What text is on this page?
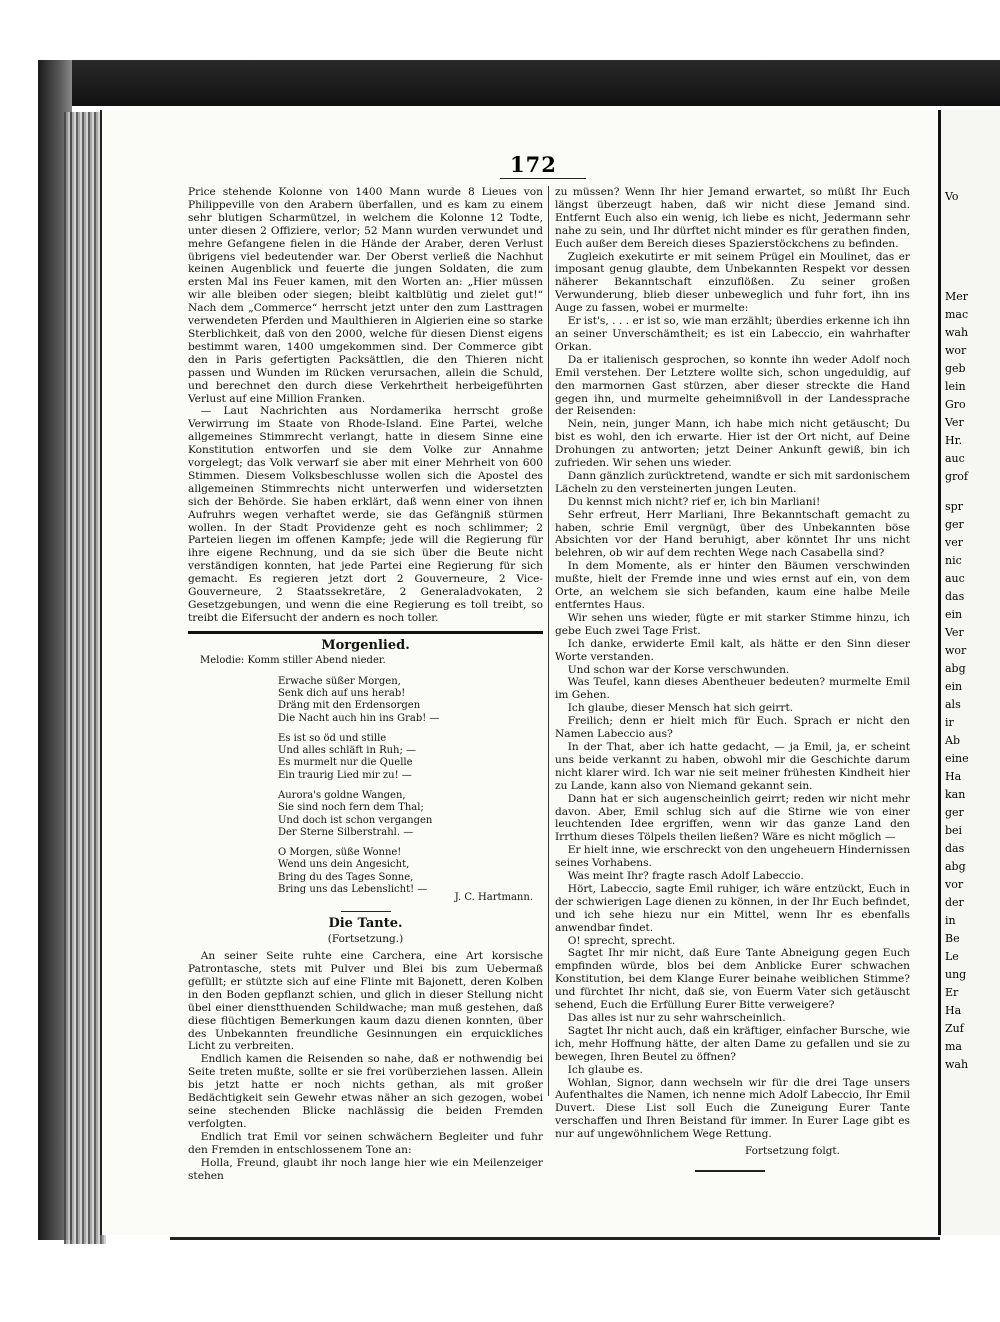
Vo
Mer
mac
wah
wor
geb
lein
Gro
Ver
Hr.
auc
grof
spr
ger
ver
nic
auc
das
ein
Ver
wor
abg
ein
als
ir
Ab
eine
Ha
kan
ger
bei
das
abg
vor
der
in
Be
Le
ung
Er
Ha
Zuf
ma
wah
172

Price stehende Kolonne von 1400 Mann wurde 8 Lieues von Philippeville von den Arabern überfallen, und es kam zu einem sehr blutigen Scharmützel, in welchem die Kolonne 12 Todte, unter diesen 2 Offiziere, verlor; 52 Mann wurden verwundet und mehre Gefangene fielen in die Hände der Araber, deren Verlust übrigens viel bedeutender war. Der Oberst verließ die Nachhut keinen Augenblick und feuerte die jungen Soldaten, die zum ersten Mal ins Feuer kamen, mit den Worten an: „Hier müssen wir alle bleiben oder siegen; bleibt kaltblütig und zielet gut!“ Nach dem „Commerce“ herrscht jetzt unter den zum Lasttragen verwendeten Pferden und Maulthieren in Algierien eine so starke Sterblichkeit, daß von den 2000, welche für diesen Dienst eigens bestimmt waren, 1400 umgekommen sind. Der Commerce gibt den in Paris gefertigten Packsättlen, die den Thieren nicht passen und Wunden im Rücken verursachen, allein die Schuld, und berechnet den durch diese Verkehrtheit herbeigeführten Verlust auf eine Million Franken.

— Laut Nachrichten aus Nordamerika herrscht große Verwirrung im Staate von Rhode-Island. Eine Partei, welche allgemeines Stimmrecht verlangt, hatte in diesem Sinne eine Konstitution entworfen und sie dem Volke zur Annahme vorgelegt; das Volk verwarf sie aber mit einer Mehrheit von 600 Stimmen. Diesem Volksbeschlusse wollen sich die Apostel des allgemeinen Stimmrechts nicht unterwerfen und widersetzten sich der Behörde. Sie haben erklärt, daß wenn einer von ihnen Aufruhrs wegen verhaftet werde, sie das Gefängniß stürmen wollen. In der Stadt Providenze geht es noch schlimmer; 2 Parteien liegen im offenen Kampfe; jede will die Regierung für ihre eigene Rechnung, und da sie sich über die Beute nicht verständigen konnten, hat jede Partei eine Regierung für sich gemacht. Es regieren jetzt dort 2 Gouverneure, 2 Vice-Gouverneure, 2 Staatssekretäre, 2 Generaladvokaten, 2 Gesetzgebungen, und wenn die eine Regierung es toll treibt, so treibt die Eifersucht der andern es noch toller.

Morgenlied.
Melodie: Komm stiller Abend nieder.
Erwache süßer Morgen,
Senk dich auf uns herab!
Dräng mit den Erdensorgen
Die Nacht auch hin ins Grab! —
Es ist so öd und stille
Und alles schläft in Ruh; —
Es murmelt nur die Quelle
Ein traurig Lied mir zu! —
Aurora's goldne Wangen,
Sie sind noch fern dem Thal;
Und doch ist schon vergangen
Der Sterne Silberstrahl. —
O Morgen, süße Wonne!
Wend uns dein Angesicht,
Bring du des Tages Sonne,
Bring uns das Lebenslicht! —
J. C. Hartmann.
Die Tante.
(Fortsetzung.)

An seiner Seite ruhte eine Carchera, eine Art korsische Patrontasche, stets mit Pulver und Blei bis zum Uebermaß gefüllt; er stützte sich auf eine Flinte mit Bajonett, deren Kolben in den Boden gepflanzt schien, und glich in dieser Stellung nicht übel einer dienstthuenden Schildwache; man muß gestehen, daß diese flüchtigen Bemerkungen kaum dazu dienen konnten, über des Unbekannten freundliche Gesinnungen ein erquickliches Licht zu verbreiten.

Endlich kamen die Reisenden so nahe, daß er nothwendig bei Seite treten mußte, sollte er sie frei vorüberziehen lassen. Allein bis jetzt hatte er noch nichts gethan, als mit großer Bedächtigkeit sein Gewehr etwas näher an sich gezogen, wobei seine stechenden Blicke nachlässig die beiden Fremden verfolgten.

Endlich trat Emil vor seinen schwächern Begleiter und fuhr den Fremden in entschlossenem Tone an:

Holla, Freund, glaubt ihr noch lange hier wie ein Meilenzeiger stehen

zu müssen? Wenn Ihr hier Jemand erwartet, so müßt Ihr Euch längst überzeugt haben, daß wir nicht diese Jemand sind. Entfernt Euch also ein wenig, ich liebe es nicht, Jedermann sehr nahe zu sein, und Ihr dürftet nicht minder es für gerathen finden, Euch außer dem Bereich dieses Spazierstöckchens zu befinden.

Zugleich exekutirte er mit seinem Prügel ein Moulinet, das er imposant genug glaubte, dem Unbekannten Respekt vor dessen näherer Bekanntschaft einzuflößen. Zu seiner großen Verwunderung, blieb dieser unbeweglich und fuhr fort, ihn ins Auge zu fassen, wobei er murmelte:

Er ist's, . . . er ist so, wie man erzählt; überdies erkenne ich ihn an seiner Unverschämtheit; es ist ein Labeccio, ein wahrhafter Orkan.

Da er italienisch gesprochen, so konnte ihn weder Adolf noch Emil verstehen. Der Letztere wollte sich, schon ungeduldig, auf den marmornen Gast stürzen, aber dieser streckte die Hand gegen ihn, und murmelte geheimnißvoll in der Landessprache der Reisenden:

Nein, nein, junger Mann, ich habe mich nicht getäuscht; Du bist es wohl, den ich erwarte. Hier ist der Ort nicht, auf Deine Drohungen zu antworten; jetzt Deiner Ankunft gewiß, bin ich zufrieden. Wir sehen uns wieder.

Dann gänzlich zurücktretend, wandte er sich mit sardonischem Lächeln zu den versteinerten jungen Leuten.

Du kennst mich nicht? rief er, ich bin Marliani!

Sehr erfreut, Herr Marliani, Ihre Bekanntschaft gemacht zu haben, schrie Emil vergnügt, über des Unbekannten böse Absichten vor der Hand beruhigt, aber könntet Ihr uns nicht belehren, ob wir auf dem rechten Wege nach Casabella sind?

In dem Momente, als er hinter den Bäumen verschwinden mußte, hielt der Fremde inne und wies ernst auf ein, von dem Orte, an welchem sie sich befanden, kaum eine halbe Meile entferntes Haus.

Wir sehen uns wieder, fügte er mit starker Stimme hinzu, ich gebe Euch zwei Tage Frist.

Ich danke, erwiderte Emil kalt, als hätte er den Sinn dieser Worte verstanden.

Und schon war der Korse verschwunden.

Was Teufel, kann dieses Abentheuer bedeuten? murmelte Emil im Gehen.

Ich glaube, dieser Mensch hat sich geirrt.

Freilich; denn er hielt mich für Euch. Sprach er nicht den Namen Labeccio aus?

In der That, aber ich hatte gedacht, — ja Emil, ja, er scheint uns beide verkannt zu haben, obwohl mir die Geschichte darum nicht klarer wird. Ich war nie seit meiner frühesten Kindheit hier zu Lande, kann also von Niemand gekannt sein.

Dann hat er sich augenscheinlich geirrt; reden wir nicht mehr davon. Aber, Emil schlug sich auf die Stirne wie von einer leuchtenden Idee ergriffen, wenn wir das ganze Land den Irrthum dieses Tölpels theilen ließen? Wäre es nicht möglich —

Er hielt inne, wie erschreckt von den ungeheuern Hindernissen seines Vorhabens.

Was meint Ihr? fragte rasch Adolf Labeccio.

Hört, Labeccio, sagte Emil ruhiger, ich wäre entzückt, Euch in der schwierigen Lage dienen zu können, in der Ihr Euch befindet, und ich sehe hiezu nur ein Mittel, wenn Ihr es ebenfalls anwendbar findet.

O! sprecht, sprecht.

Sagtet Ihr mir nicht, daß Eure Tante Abneigung gegen Euch empfinden würde, blos bei dem Anblicke Eurer schwachen Konstitution, bei dem Klange Eurer beinahe weiblichen Stimme? und fürchtet Ihr nicht, daß sie, von Euerm Vater sich getäuscht sehend, Euch die Erfüllung Eurer Bitte verweigere?

Das alles ist nur zu sehr wahrscheinlich.

Sagtet Ihr nicht auch, daß ein kräftiger, einfacher Bursche, wie ich, mehr Hoffnung hätte, der alten Dame zu gefallen und sie zu bewegen, Ihren Beutel zu öffnen?

Ich glaube es.

Wohlan, Signor, dann wechseln wir für die drei Tage unsers Aufenthaltes die Namen, ich nenne mich Adolf Labeccio, Ihr Emil Duvert. Diese List soll Euch die Zuneigung Eurer Tante verschaffen und Ihren Beistand für immer. In Eurer Lage gibt es nur auf ungewöhnlichem Wege Rettung.

Fortsetzung folgt.
